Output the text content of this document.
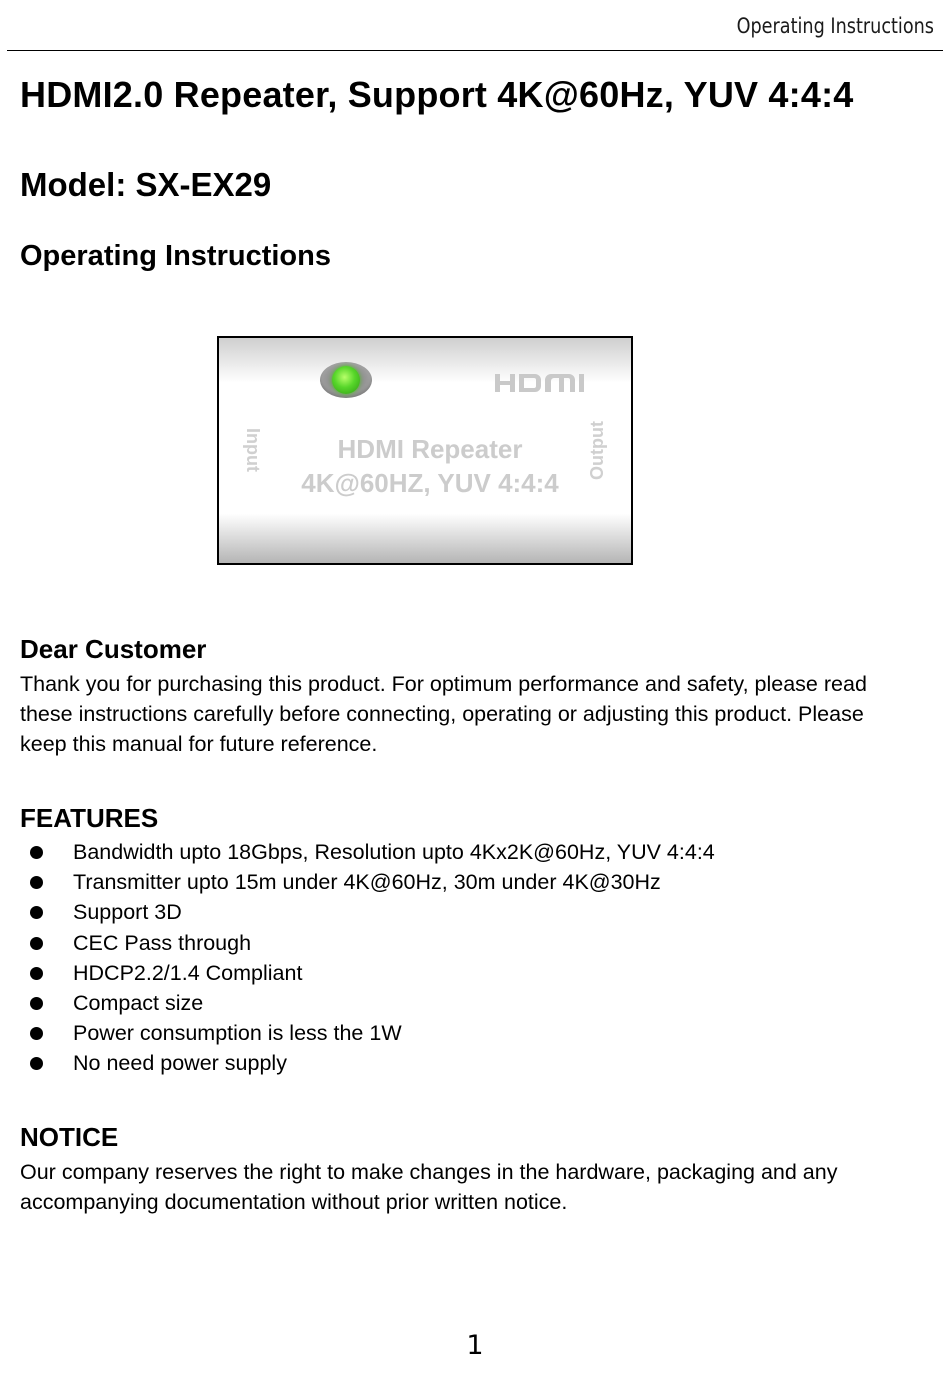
Operating Instructions
HDMI2.0 Repeater, Support 4K@60Hz, YUV 4:4:4
Model: SX-EX29
Operating Instructions
Input	Output
HDMI Repeater
4K@60HZ, YUV 4:4:4
Dear Customer
Thank you for purchasing this product. For optimum performance and safety, please read
these instructions carefully before connecting, operating or adjusting this product. Please
keep this manual for future reference.
FEATURES
Bandwidth upto 18Gbps, Resolution upto 4Kx2K@60Hz, YUV 4:4:4
Transmitter upto 15m under 4K@60Hz, 30m under 4K@30Hz
Support 3D
CEC Pass through
HDCP2.2/1.4 Compliant
Compact size
Power consumption is less the 1W
No need power supply
NOTICE
Our company reserves the right to make changes in the hardware, packaging and any
accompanying documentation without prior written notice.
1
